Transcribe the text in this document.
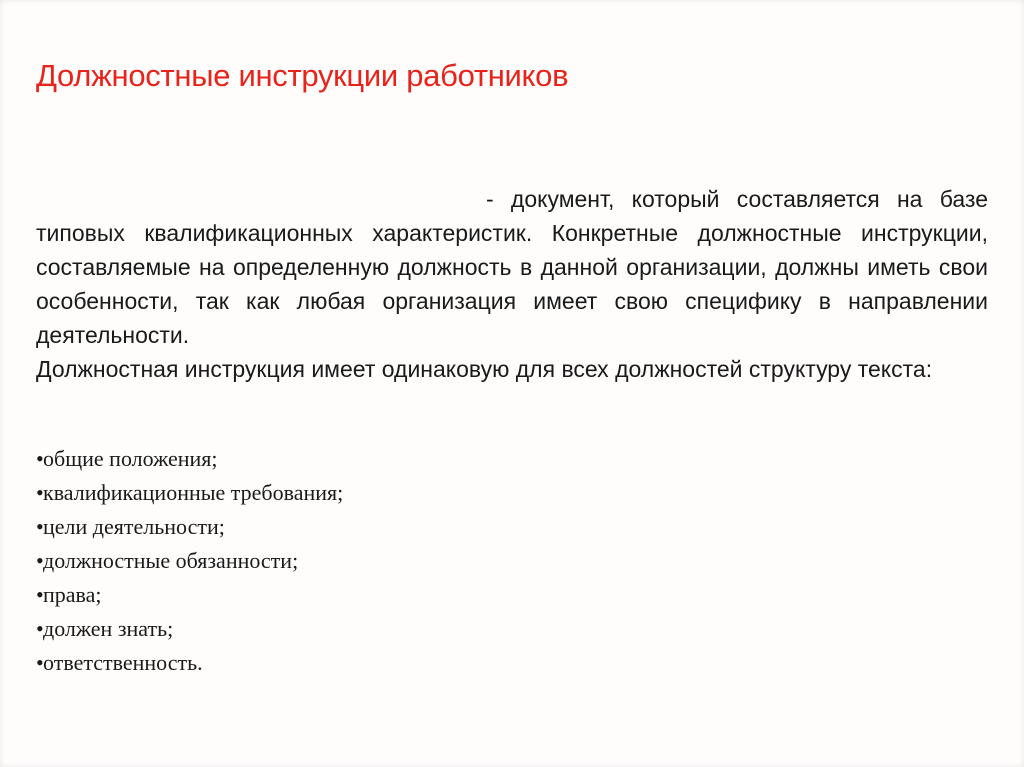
Должностные инструкции работников

- документ, который составляется на базе типовых квалификационных характеристик. Конкретные должностные инструкции, составляемые на определенную должность в данной организации, должны иметь свои особенности, так как любая организация имеет свою специфику в направлении деятельности.

Должностная инструкция имеет одинаковую для всех должностей структуру текста:

•общие положения;
•квалификационные требования;
•цели деятельности;
•должностные обязанности;
•права;
•должен знать;
•ответственность.
